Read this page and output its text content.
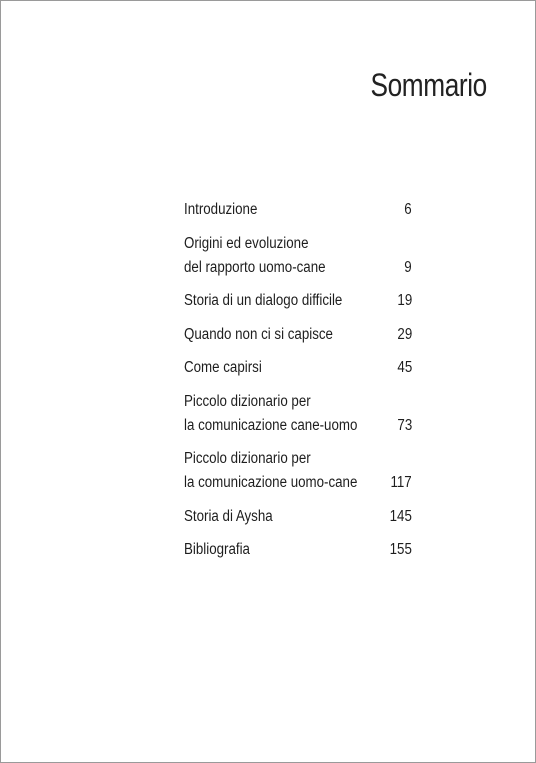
Sommario
Introduzione	6
Origini ed evoluzione
del rapporto uomo-cane	9
Storia di un dialogo difficile	19
Quando non ci si capisce	29
Come capirsi	45
Piccolo dizionario per
la comunicazione cane-uomo	73
Piccolo dizionario per
la comunicazione uomo-cane	117
Storia di Aysha	145
Bibliografia	155
